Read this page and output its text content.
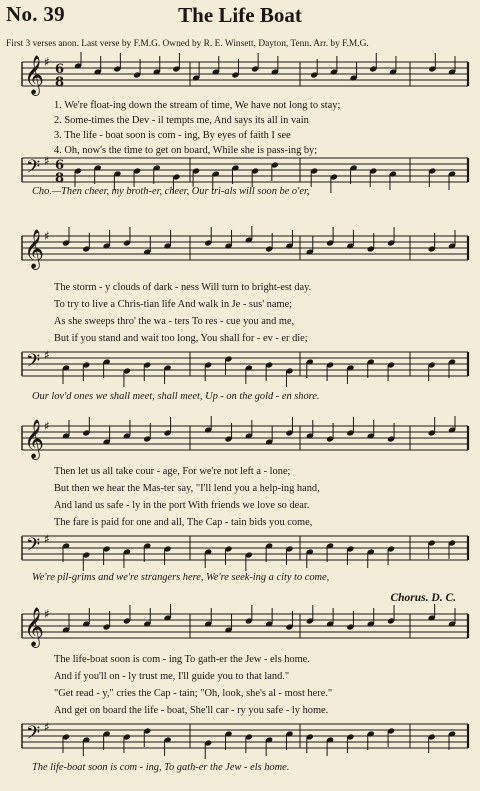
No. 39	The Life Boat
First 3 verses anon. Last verse by F.M.G. Owned by R. E. Winsett, Dayton, Tenn. Arr. by F.M.G.
𝄞 ♯ 6
8
1. We're float-ing down the stream of time, We have not long to stay;
2. Some-times the Dev - il tempts me, And says its all in vain
3. The life - boat soon is com - ing, By eyes of faith I see
4. Oh, now's the time to get on board, While she is pass-ing by;
𝄢 ♯ 6
8
Cho.—Then cheer, my broth-er, cheer, Our tri-als will soon be o'er,
𝄞 ♯
The storm - y clouds of dark - ness Will turn to bright-est day.
To try to live a Chris-tian life And walk in Je - sus' name;
As she sweeps thro' the wa - ters To res - cue you and me,
But if you stand and wait too long, You shall for - ev - er die;
𝄢 ♯
Our lov'd ones we shall meet, shall meet, Up - on the gold - en shore.
𝄞 ♯
Then let us all take cour - age, For we're not left a - lone;
But then we hear the Mas-ter say, "I'll lend you a help-ing hand,
And land us safe - ly in the port With friends we love so dear.
The fare is paid for one and all, The Cap - tain bids you come,
𝄢 ♯
We're pil-grims and we're strangers here, We're seek-ing a city to come,
Chorus. D. C.
𝄞 ♯
The life-boat soon is com - ing To gath-er the Jew - els home.
And if you'll on - ly trust me, I'll guide you to that land."
"Get read - y," cries the Cap - tain; "Oh, look, she's al - most here."
And get on board the life - boat, She'll car - ry you safe - ly home.
𝄢 ♯
The life-boat soon is com - ing, To gath-er the Jew - els home.
